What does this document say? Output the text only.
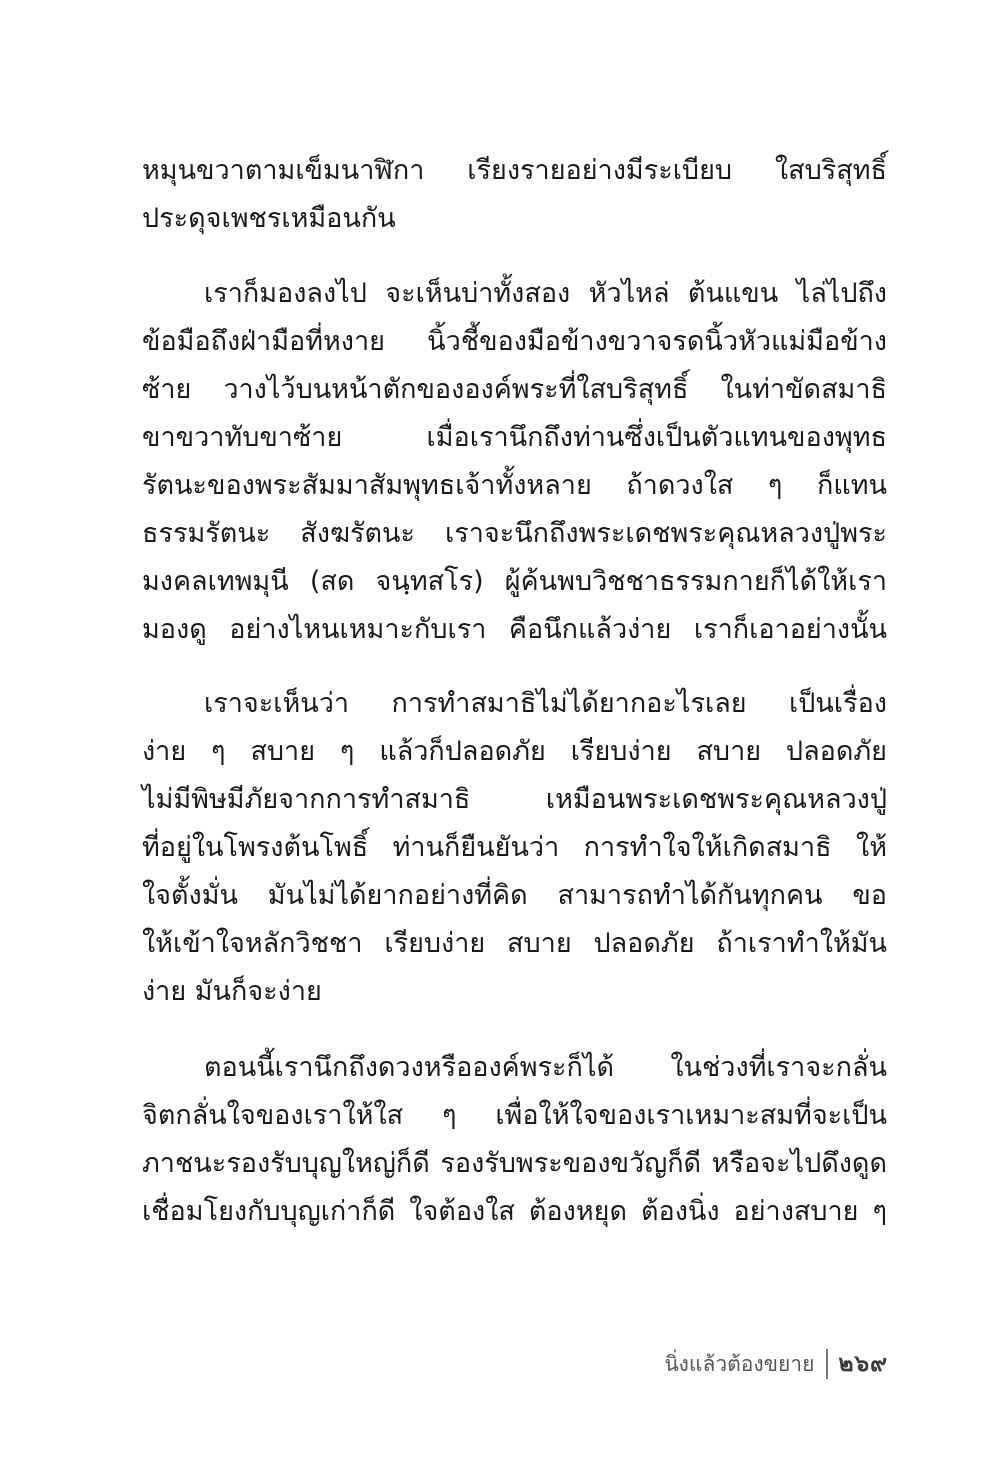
หมุนขวาตามเข็มนาฬิกา เรียงรายอย่างมีระเบียบ ใสบริสุทธิ์
ประดุจเพชรเหมือนกัน
เราก็มองลงไป จะเห็นบ่าทั้งสอง หัวไหล่ ต้นแขน ไล่ไปถึง
ข้อมือถึงฝ่ามือที่หงาย นิ้วชี้ของมือข้างขวาจรดนิ้วหัวแม่มือข้าง
ซ้าย วางไว้บนหน้าตักขององค์พระที่ใสบริสุทธิ์ ในท่าขัดสมาธิ
ขาขวาทับขาซ้าย เมื่อเรานึกถึงท่านซึ่งเป็นตัวแทนของพุทธ
รัตนะของพระสัมมาสัมพุทธเจ้าทั้งหลาย ถ้าดวงใส ๆ ก็แทน
ธรรมรัตนะ สังฆรัตนะ เราจะนึกถึงพระเดชพระคุณหลวงปู่พระ
มงคลเทพมุนี (สด จนฺทสโร) ผู้ค้นพบวิชชาธรรมกายก็ได้ให้เรา
มองดู อย่างไหนเหมาะกับเรา คือนึกแล้วง่าย เราก็เอาอย่างนั้น
เราจะเห็นว่า การทำสมาธิไม่ได้ยากอะไรเลย เป็นเรื่อง
ง่าย ๆ สบาย ๆ แล้วก็ปลอดภัย เรียบง่าย สบาย ปลอดภัย
ไม่มีพิษมีภัยจากการทำสมาธิ เหมือนพระเดชพระคุณหลวงปู่
ที่อยู่ในโพรงต้นโพธิ์ ท่านก็ยืนยันว่า การทำใจให้เกิดสมาธิ ให้
ใจตั้งมั่น มันไม่ได้ยากอย่างที่คิด สามารถทำได้กันทุกคน ขอ
ให้เข้าใจหลักวิชชา เรียบง่าย สบาย ปลอดภัย ถ้าเราทำให้มัน
ง่าย มันก็จะง่าย
ตอนนี้เรานึกถึงดวงหรือองค์พระก็ได้ ในช่วงที่เราจะกลั่น
จิตกลั่นใจของเราให้ใส ๆ เพื่อให้ใจของเราเหมาะสมที่จะเป็น
ภาชนะรองรับบุญใหญ่ก็ดี รองรับพระของขวัญก็ดี หรือจะไปดึงดูด
เชื่อมโยงกับบุญเก่าก็ดี ใจต้องใส ต้องหยุด ต้องนิ่ง อย่างสบาย ๆ
นิ่งแล้วต้องขยาย ๒๖๙
